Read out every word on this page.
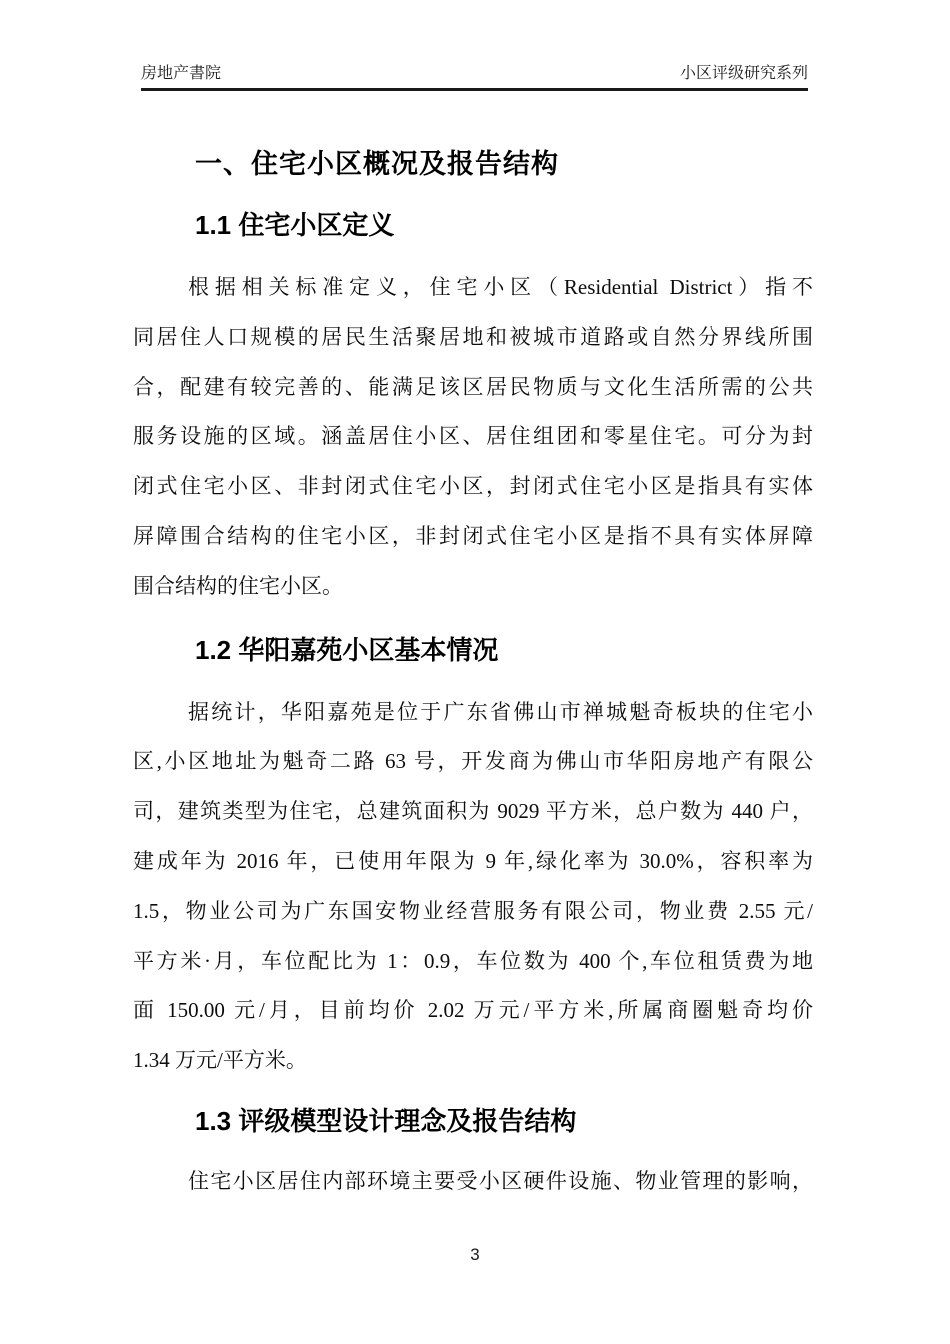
房地产書院	小区评级研究系列
一、住宅小区概况及报告结构
1.1 住宅小区定义
根据相关标准定义，住宅小区（Residential District）指不
同居住人口规模的居民生活聚居地和被城市道路或自然分界线所围
合，配建有较完善的、能满足该区居民物质与文化生活所需的公共
服务设施的区域。涵盖居住小区、居住组团和零星住宅。可分为封
闭式住宅小区、非封闭式住宅小区，封闭式住宅小区是指具有实体
屏障围合结构的住宅小区，非封闭式住宅小区是指不具有实体屏障
围合结构的住宅小区。
1.2 华阳嘉苑小区基本情况
据统计，华阳嘉苑是位于广东省佛山市禅城魁奇板块的住宅小
区,小区地址为魁奇二路 63 号，开发商为佛山市华阳房地产有限公
司，建筑类型为住宅，总建筑面积为 9029 平方米，总户数为 440 户，
建成年为 2016 年，已使用年限为 9 年,绿化率为 30.0%，容积率为
1.5，物业公司为广东国安物业经营服务有限公司，物业费 2.55 元/
平方米·月，车位配比为 1：0.9，车位数为 400 个,车位租赁费为地
面 150.00 元/月，目前均价 2.02 万元/平方米,所属商圈魁奇均价
1.34 万元/平方米。
1.3 评级模型设计理念及报告结构
住宅小区居住内部环境主要受小区硬件设施、物业管理的影响，
3
